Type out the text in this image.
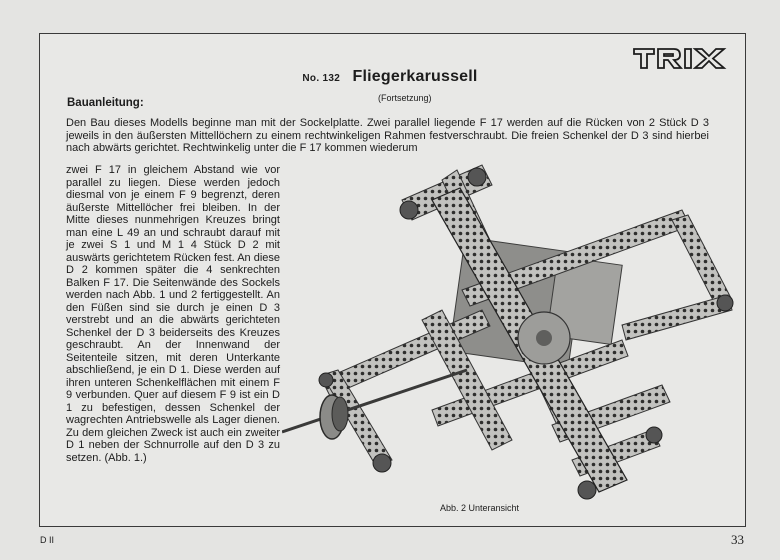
No. 132 Fliegerkarussell
(Fortsetzung)
Bauanleitung:
Den Bau dieses Modells beginne man mit der Sockelplatte. Zwei parallel liegende F 17 werden auf die Rücken von 2 Stück D 3 jeweils in den äußersten Mittellöchern zu einem rechtwinkeligen Rahmen festverschraubt. Die freien Schenkel der D 3 sind hierbei nach abwärts gerichtet. Rechtwinkelig unter die F 17 kommen wiederum
zwei F 17 in gleichem Abstand wie vor parallel zu liegen. Diese werden jedoch diesmal von je einem F 9 begrenzt, deren äußerste Mittellöcher frei bleiben. In der Mitte dieses nunmehrigen Kreuzes bringt man eine L 49 an und schraubt darauf mit je zwei S 1 und M 1 4 Stück D 2 mit auswärts gerichtetem Rücken fest. An diese D 2 kommen später die 4 senkrechten Balken F 17. Die Seitenwände des Sockels werden nach Abb. 1 und 2 fertiggestellt. An den Füßen sind sie durch je einen D 3 verstrebt und an die abwärts gerichteten Schenkel der D 3 beiderseits des Kreuzes geschraubt. An der Innenwand der Seitenteile sitzen, mit deren Unterkante abschließend, je ein D 1. Diese werden auf ihren unteren Schenkelflächen mit einem F 9 verbunden. Quer auf diesem F 9 ist ein D 1 zu befestigen, dessen Schenkel der wagrechten Antriebswelle als Lager dienen. Zu dem gleichen Zweck ist auch ein zweiter D 1 neben der Schnurrolle auf den D 3 zu setzen. (Abb. 1.)
Abb. 2 Unteransicht
D II	33
